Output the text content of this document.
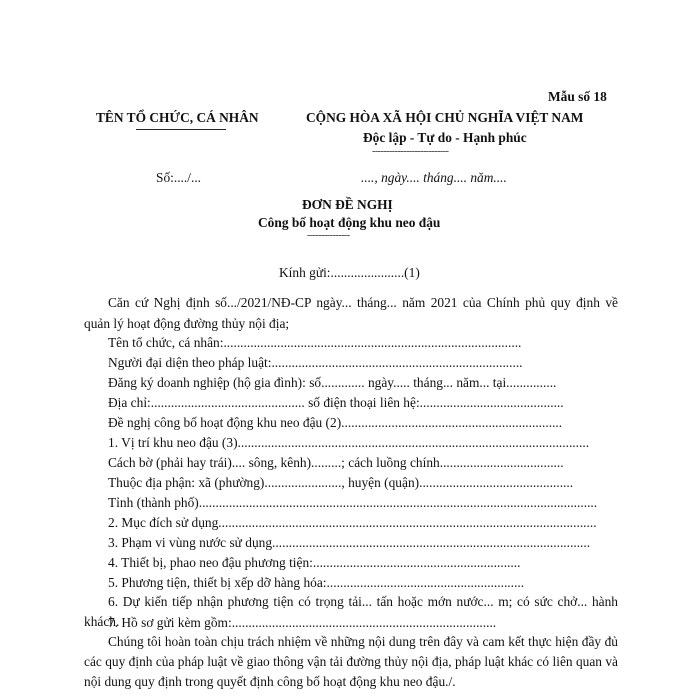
Mẫu số 18
TÊN TỔ CHỨC, CÁ NHÂN	CỘNG HÒA XÃ HỘI CHỦ NGHĨA VIỆT NAM
Độc lập - Tự do - Hạnh phúc
---------------------------
Số:..../...	...., ngày.... tháng.... năm....
ĐƠN ĐỀ NGHỊ
Công bố hoạt động khu neo đậu
---------------
Kính gửi:......................(1)
Căn cứ Nghị định số.../2021/NĐ-CP ngày... tháng... năm 2021 của Chính phủ quy định về quản lý hoạt động đường thủy nội địa;
Tên tổ chức, cá nhân:.........................................................................................
Người đại diện theo pháp luật:...........................................................................
Đăng ký doanh nghiệp (hộ gia đình): số............. ngày..... tháng... năm... tại...............
Địa chỉ:.............................................. số điện thoại liên hệ:...........................................
Đề nghị công bố hoạt động khu neo đậu (2)..................................................................
1. Vị trí khu neo đậu (3).........................................................................................................
Cách bờ (phải hay trái).... sông, kênh).........; cách luồng chính.....................................
Thuộc địa phận: xã (phường)......................., huyện (quận)..............................................
Tỉnh (thành phố).......................................................................................................................
2. Mục đích sử dụng.................................................................................................................
3. Phạm vi vùng nước sử dụng...............................................................................................
4. Thiết bị, phao neo đậu phương tiện:..............................................................
5. Phương tiện, thiết bị xếp dỡ hàng hóa:...........................................................
6. Dự kiến tiếp nhận phương tiện có trọng tải... tấn hoặc mớn nước... m; có sức chở... hành khách.
7. Hồ sơ gửi kèm gồm:...............................................................................
Chúng tôi hoàn toàn chịu trách nhiệm về những nội dung trên đây và cam kết thực hiện đầy đủ các quy định của pháp luật về giao thông vận tải đường thủy nội địa, pháp luật khác có liên quan và nội dung quy định trong quyết định công bố hoạt động khu neo đậu./.
